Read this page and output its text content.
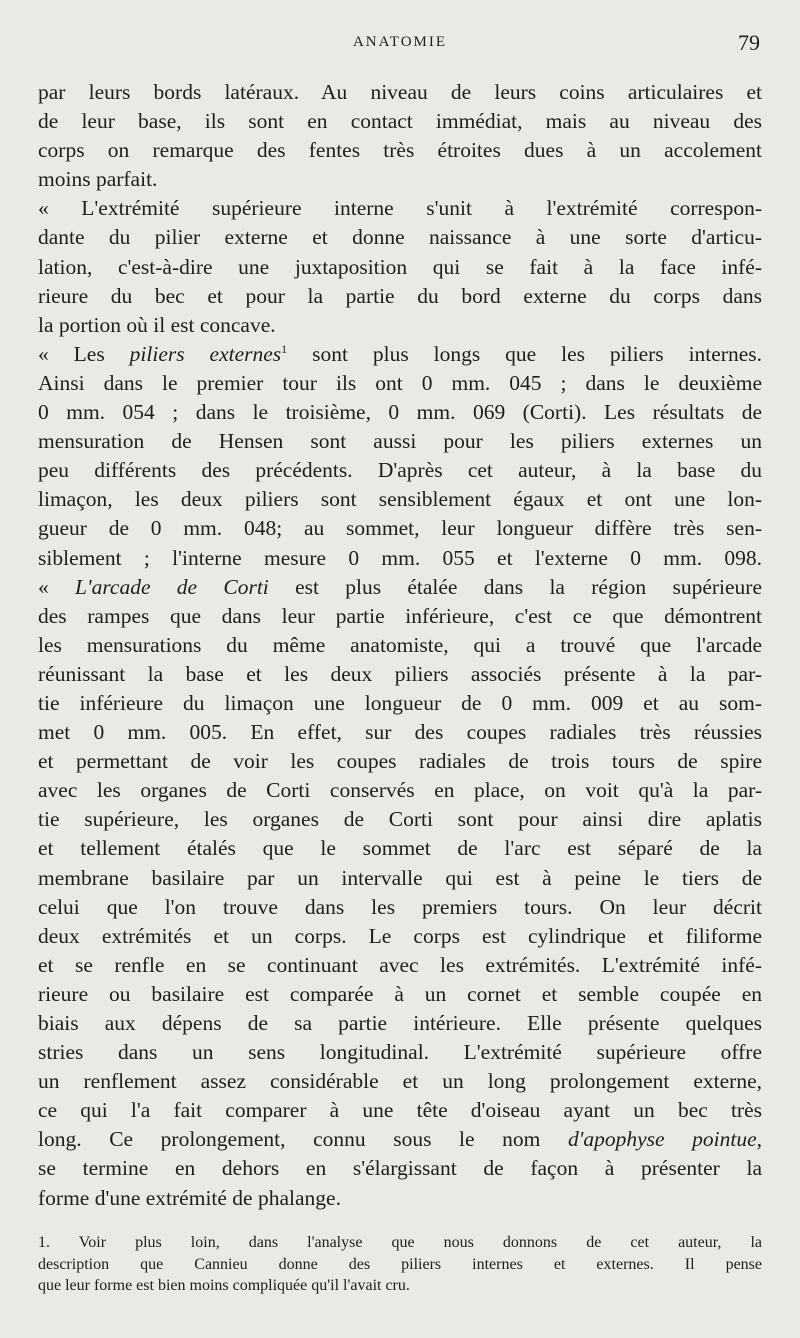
ANATOMIE	79
par leurs bords latéraux. Au niveau de leurs coins articulaires et
de leur base, ils sont en contact immédiat, mais au niveau des
corps on remarque des fentes très étroites dues à un accolement
moins parfait.
« L'extrémité supérieure interne s'unit à l'extrémité correspon-
dante du pilier externe et donne naissance à une sorte d'articu-
lation, c'est-à-dire une juxtaposition qui se fait à la face infé-
rieure du bec et pour la partie du bord externe du corps dans
la portion où il est concave.
« Les piliers externes$^1$ sont plus longs que les piliers internes.
Ainsi dans le premier tour ils ont 0 mm. 045 ; dans le deuxième
0 mm. 054 ; dans le troisième, 0 mm. 069 (Corti). Les résultats de
mensuration de Hensen sont aussi pour les piliers externes un
peu différents des précédents. D'après cet auteur, à la base du
limaçon, les deux piliers sont sensiblement égaux et ont une lon-
gueur de 0 mm. 048; au sommet, leur longueur diffère très sen-
siblement ; l'interne mesure 0 mm. 055 et l'externe 0 mm. 098.
« L'arcade de Corti est plus étalée dans la région supérieure
des rampes que dans leur partie inférieure, c'est ce que démontrent
les mensurations du même anatomiste, qui a trouvé que l'arcade
réunissant la base et les deux piliers associés présente à la par-
tie inférieure du limaçon une longueur de 0 mm. 009 et au som-
met 0 mm. 005. En effet, sur des coupes radiales très réussies
et permettant de voir les coupes radiales de trois tours de spire
avec les organes de Corti conservés en place, on voit qu'à la par-
tie supérieure, les organes de Corti sont pour ainsi dire aplatis
et tellement étalés que le sommet de l'arc est séparé de la
membrane basilaire par un intervalle qui est à peine le tiers de
celui que l'on trouve dans les premiers tours. On leur décrit
deux extrémités et un corps. Le corps est cylindrique et filiforme
et se renfle en se continuant avec les extrémités. L'extrémité infé-
rieure ou basilaire est comparée à un cornet et semble coupée en
biais aux dépens de sa partie intérieure. Elle présente quelques
stries dans un sens longitudinal. L'extrémité supérieure offre
un renflement assez considérable et un long prolongement externe,
ce qui l'a fait comparer à une tête d'oiseau ayant un bec très
long. Ce prolongement, connu sous le nom d'apophyse pointue,
se termine en dehors en s'élargissant de façon à présenter la
forme d'une extrémité de phalange.
1. Voir plus loin, dans l'analyse que nous donnons de cet auteur, la
description que Cannieu donne des piliers internes et externes. Il pense
que leur forme est bien moins compliquée qu'il l'avait cru.
